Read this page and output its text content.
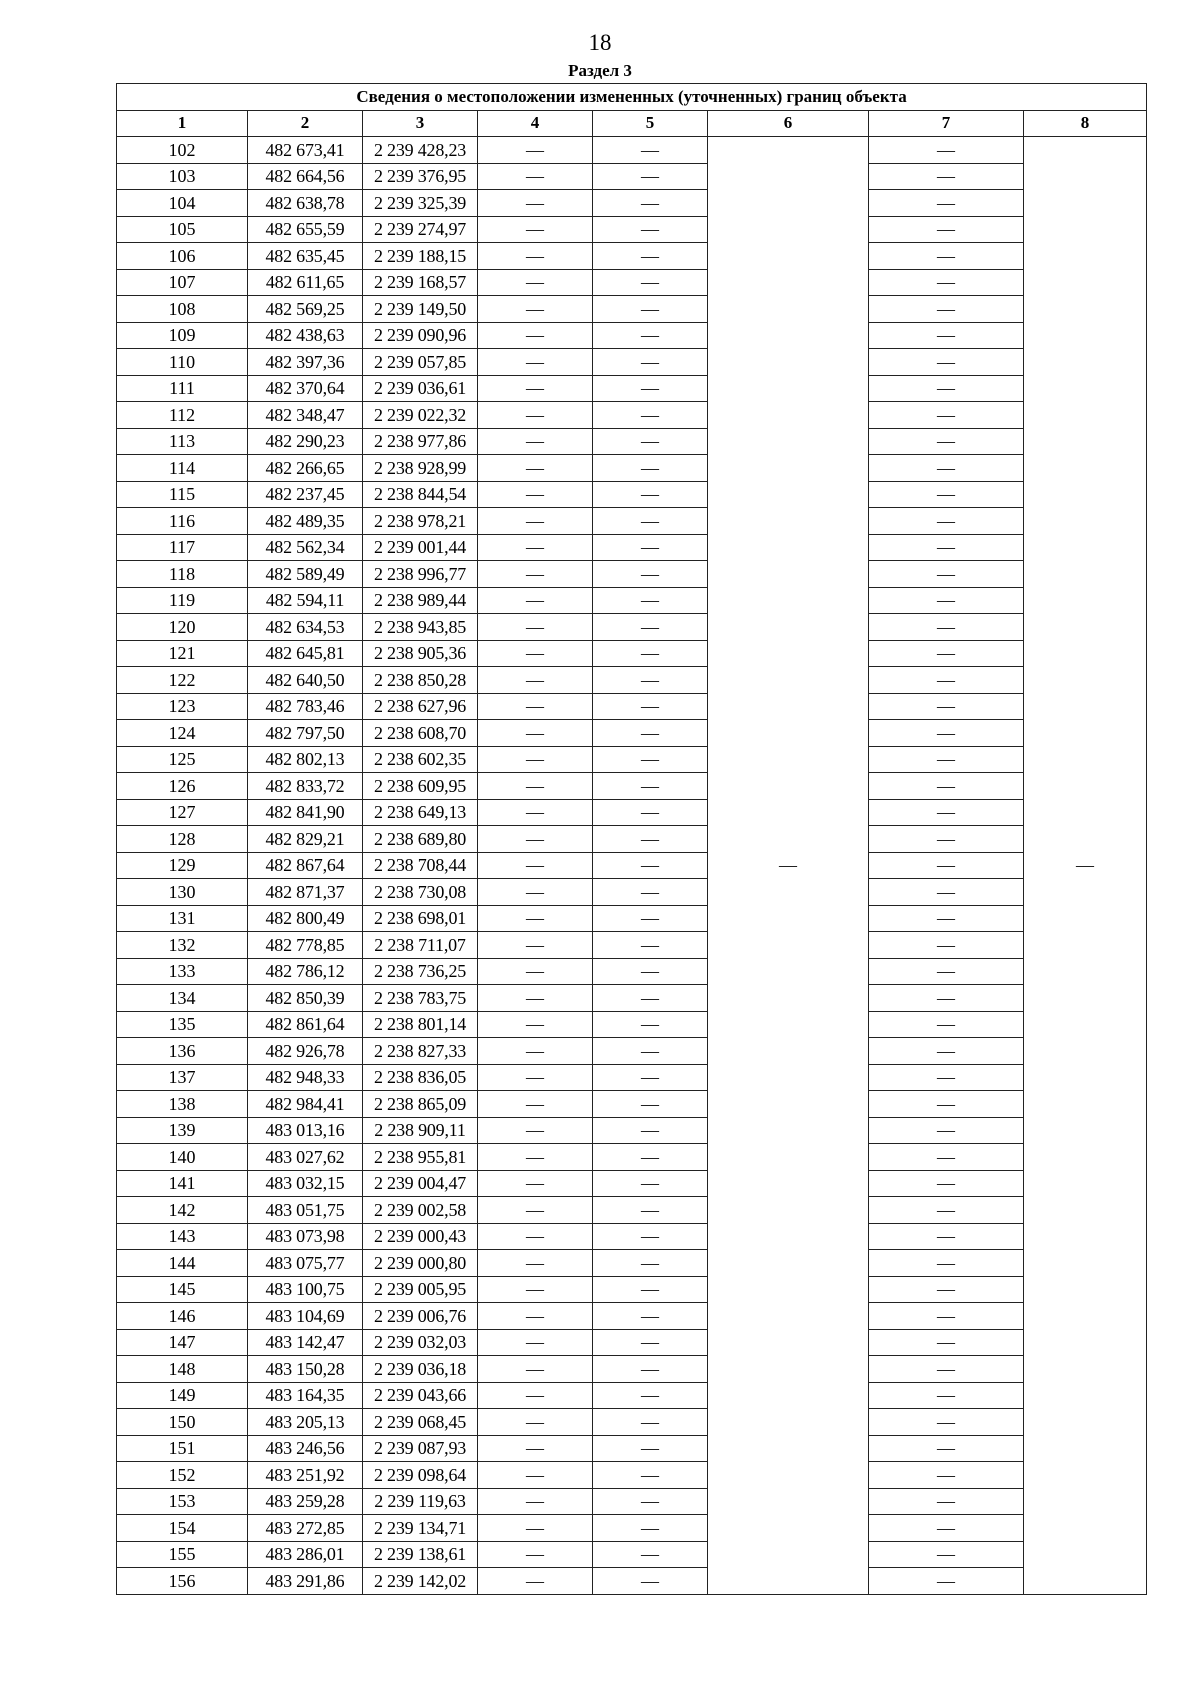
18
Раздел 3
Сведения о местоположении измененных (уточненных) границ объекта							
1	2	3	4	5	6	7	8
102	482 673,41	2 239 428,23	—	—	—	—	—
103	482 664,56	2 239 376,95	—	—		—	
104	482 638,78	2 239 325,39	—	—		—	
105	482 655,59	2 239 274,97	—	—		—	
106	482 635,45	2 239 188,15	—	—		—	
107	482 611,65	2 239 168,57	—	—		—	
108	482 569,25	2 239 149,50	—	—		—	
109	482 438,63	2 239 090,96	—	—		—	
110	482 397,36	2 239 057,85	—	—		—	
111	482 370,64	2 239 036,61	—	—		—	
112	482 348,47	2 239 022,32	—	—		—	
113	482 290,23	2 238 977,86	—	—		—	
114	482 266,65	2 238 928,99	—	—		—	
115	482 237,45	2 238 844,54	—	—		—	
116	482 489,35	2 238 978,21	—	—		—	
117	482 562,34	2 239 001,44	—	—		—	
118	482 589,49	2 238 996,77	—	—		—	
119	482 594,11	2 238 989,44	—	—		—	
120	482 634,53	2 238 943,85	—	—		—	
121	482 645,81	2 238 905,36	—	—		—	
122	482 640,50	2 238 850,28	—	—		—	
123	482 783,46	2 238 627,96	—	—		—	
124	482 797,50	2 238 608,70	—	—		—	
125	482 802,13	2 238 602,35	—	—		—	
126	482 833,72	2 238 609,95	—	—		—	
127	482 841,90	2 238 649,13	—	—		—	
128	482 829,21	2 238 689,80	—	—		—	
129	482 867,64	2 238 708,44	—	—		—	
130	482 871,37	2 238 730,08	—	—		—	
131	482 800,49	2 238 698,01	—	—		—	
132	482 778,85	2 238 711,07	—	—		—	
133	482 786,12	2 238 736,25	—	—		—	
134	482 850,39	2 238 783,75	—	—		—	
135	482 861,64	2 238 801,14	—	—		—	
136	482 926,78	2 238 827,33	—	—		—	
137	482 948,33	2 238 836,05	—	—		—	
138	482 984,41	2 238 865,09	—	—		—	
139	483 013,16	2 238 909,11	—	—		—	
140	483 027,62	2 238 955,81	—	—		—	
141	483 032,15	2 239 004,47	—	—		—	
142	483 051,75	2 239 002,58	—	—		—	
143	483 073,98	2 239 000,43	—	—		—	
144	483 075,77	2 239 000,80	—	—		—	
145	483 100,75	2 239 005,95	—	—		—	
146	483 104,69	2 239 006,76	—	—		—	
147	483 142,47	2 239 032,03	—	—		—	
148	483 150,28	2 239 036,18	—	—		—	
149	483 164,35	2 239 043,66	—	—		—	
150	483 205,13	2 239 068,45	—	—		—	
151	483 246,56	2 239 087,93	—	—		—	
152	483 251,92	2 239 098,64	—	—		—	
153	483 259,28	2 239 119,63	—	—		—	
154	483 272,85	2 239 134,71	—	—		—	
155	483 286,01	2 239 138,61	—	—		—	
156	483 291,86	2 239 142,02	—	—		—	
